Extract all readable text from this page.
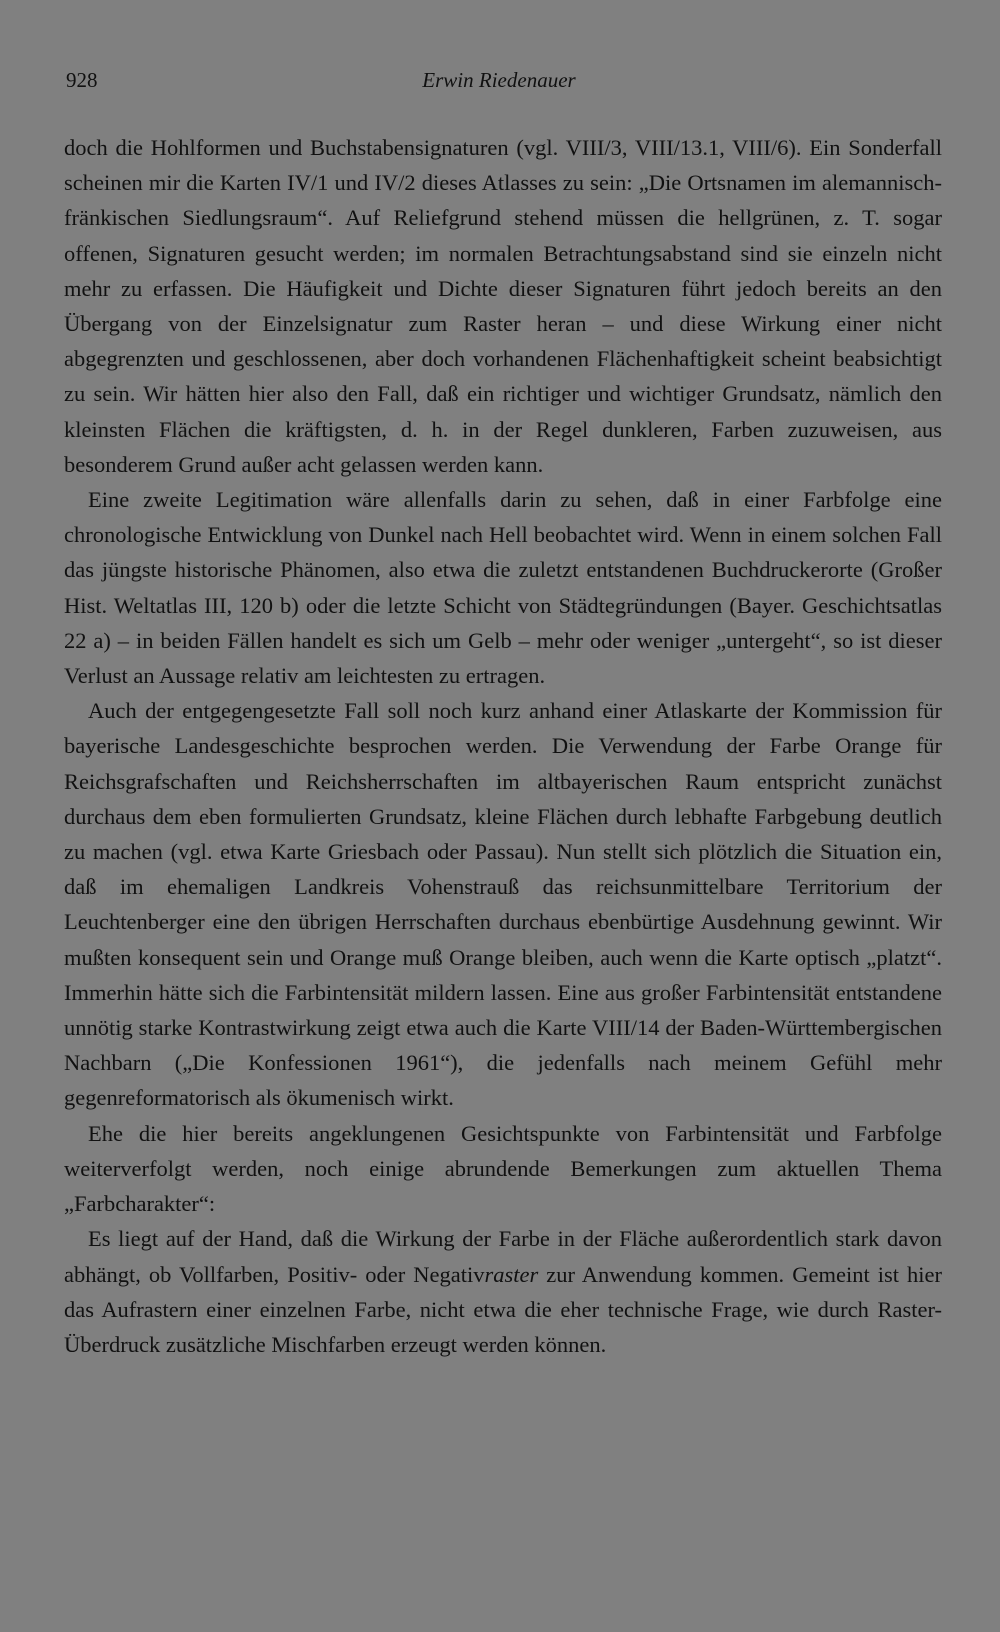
928	Erwin Riedenauer

doch die Hohlformen und Buchstabensignaturen (vgl. VIII/3, VIII/13.1, VIII/6). Ein Sonderfall scheinen mir die Karten IV/1 und IV/2 dieses Atlasses zu sein: „Die Ortsnamen im alemannisch-fränkischen Siedlungsraum“. Auf Reliefgrund stehend müssen die hellgrünen, z. T. sogar offenen, Signaturen gesucht werden; im normalen Betrachtungsabstand sind sie einzeln nicht mehr zu erfassen. Die Häufigkeit und Dichte dieser Signaturen führt jedoch bereits an den Übergang von der Einzelsignatur zum Raster heran – und diese Wirkung einer nicht abgegrenzten und geschlossenen, aber doch vorhandenen Flächenhaftigkeit scheint beabsichtigt zu sein. Wir hätten hier also den Fall, daß ein richtiger und wichtiger Grundsatz, nämlich den kleinsten Flächen die kräftigsten, d. h. in der Regel dunkleren, Farben zuzuweisen, aus besonderem Grund außer acht gelassen werden kann.

Eine zweite Legitimation wäre allenfalls darin zu sehen, daß in einer Farbfolge eine chronologische Entwicklung von Dunkel nach Hell beobachtet wird. Wenn in einem solchen Fall das jüngste historische Phänomen, also etwa die zuletzt entstandenen Buchdruckerorte (Großer Hist. Weltatlas III, 120 b) oder die letzte Schicht von Städtegründungen (Bayer. Geschichtsatlas 22 a) – in beiden Fällen handelt es sich um Gelb – mehr oder weniger „untergeht“, so ist dieser Verlust an Aussage relativ am leichtesten zu ertragen.

Auch der entgegengesetzte Fall soll noch kurz anhand einer Atlaskarte der Kommission für bayerische Landesgeschichte besprochen werden. Die Verwendung der Farbe Orange für Reichsgrafschaften und Reichsherrschaften im altbayerischen Raum entspricht zunächst durchaus dem eben formulierten Grundsatz, kleine Flächen durch lebhafte Farbgebung deutlich zu machen (vgl. etwa Karte Griesbach oder Passau). Nun stellt sich plötzlich die Situation ein, daß im ehemaligen Landkreis Vohenstrauß das reichsunmittelbare Territorium der Leuchtenberger eine den übrigen Herrschaften durchaus ebenbürtige Ausdehnung gewinnt. Wir mußten konsequent sein und Orange muß Orange bleiben, auch wenn die Karte optisch „platzt“. Immerhin hätte sich die Farbintensität mildern lassen. Eine aus großer Farbintensität entstandene unnötig starke Kontrastwirkung zeigt etwa auch die Karte VIII/14 der Baden-Württembergischen Nachbarn („Die Konfessionen 1961“), die jedenfalls nach meinem Gefühl mehr gegenreformatorisch als ökumenisch wirkt.

Ehe die hier bereits angeklungenen Gesichtspunkte von Farbintensität und Farbfolge weiterverfolgt werden, noch einige abrundende Bemerkungen zum aktuellen Thema „Farbcharakter“:

Es liegt auf der Hand, daß die Wirkung der Farbe in der Fläche außerordentlich stark davon abhängt, ob Vollfarben, Positiv- oder Negativraster zur Anwendung kommen. Gemeint ist hier das Aufrastern einer einzelnen Farbe, nicht etwa die eher technische Frage, wie durch Raster-Überdruck zusätzliche Mischfarben erzeugt werden können.
